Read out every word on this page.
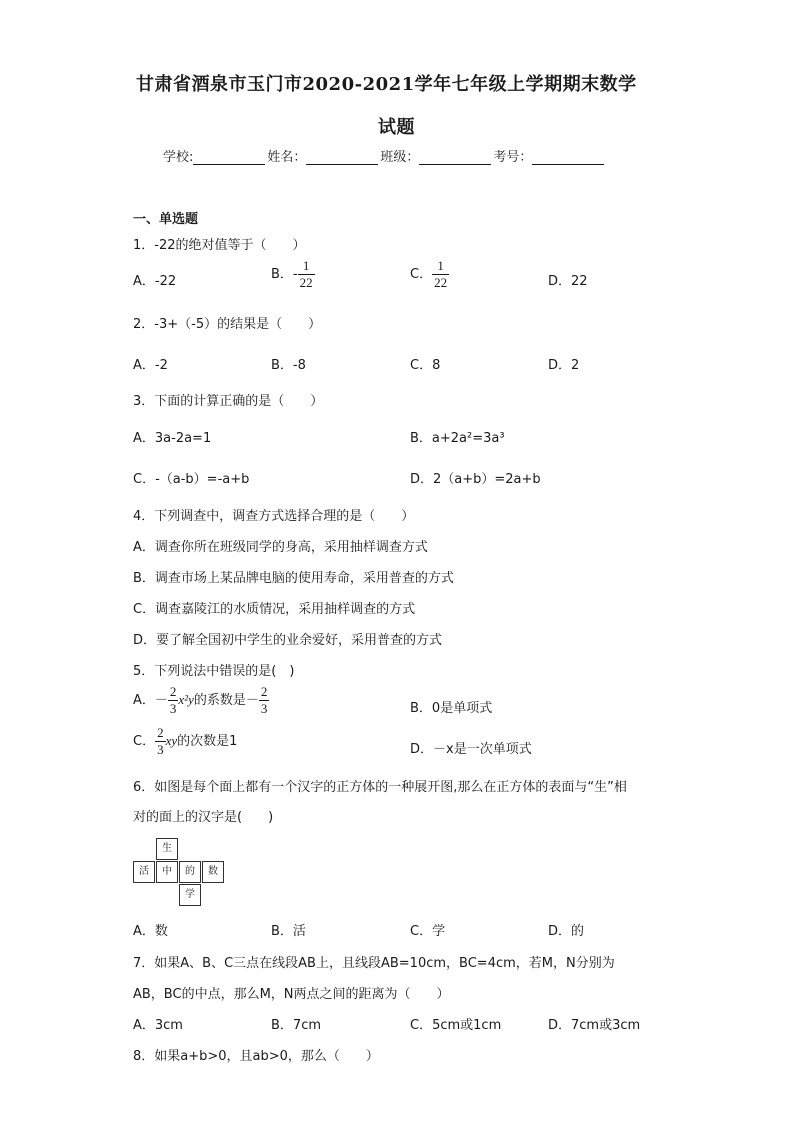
甘肃省酒泉市玉门市2020-2021学年七年级上学期期末数学
试题
学校:	姓名：	班级：	考号：
一、单选题
1．-22的绝对值等于（　　）
A．-22	B．- $\frac{1}{22}$	C． $\frac{1}{22}$	D．22
2．-3+（-5）的结果是（　　）
A．-2	B．-8	C．8	D．2
3．下面的计算正确的是（　　）
A．3a-2a=1	B．a+2a²=3a³
C．-（a-b）=-a+b	D．2（a+b）=2a+b
4．下列调查中，调查方式选择合理的是（　　）
A．调查你所在班级同学的身高，采用抽样调查方式
B．调查市场上某品牌电脑的使用寿命，采用普查的方式
C．调查嘉陵江的水质情况，采用抽样调查的方式
D．要了解全国初中学生的业余爱好，采用普查的方式
5．下列说法中错误的是(　)
A．－ $\frac{2}{3} x^2y$的系数是－ $\frac{2}{3}$	B．0是单项式
C． $\frac{2}{3}$ xy的次数是1
D．－x是一次单项式
6．如图是每个面上都有一个汉字的正方体的一种展开图,那么在正方体的表面与“生”相
对的面上的汉字是(　　)
生
活	中	的	数
学
A．数	B．活	C．学	D．的
7．如果A、B、C三点在线段AB上，且线段AB=10cm，BC=4cm，若M，N分别为
AB，BC的中点，那么M，N两点之间的距离为（　　）
A．3cm	B．7cm	C．5cm或1cm	D．7cm或3cm
8．如果a+b>0，且ab>0，那么（　　）
